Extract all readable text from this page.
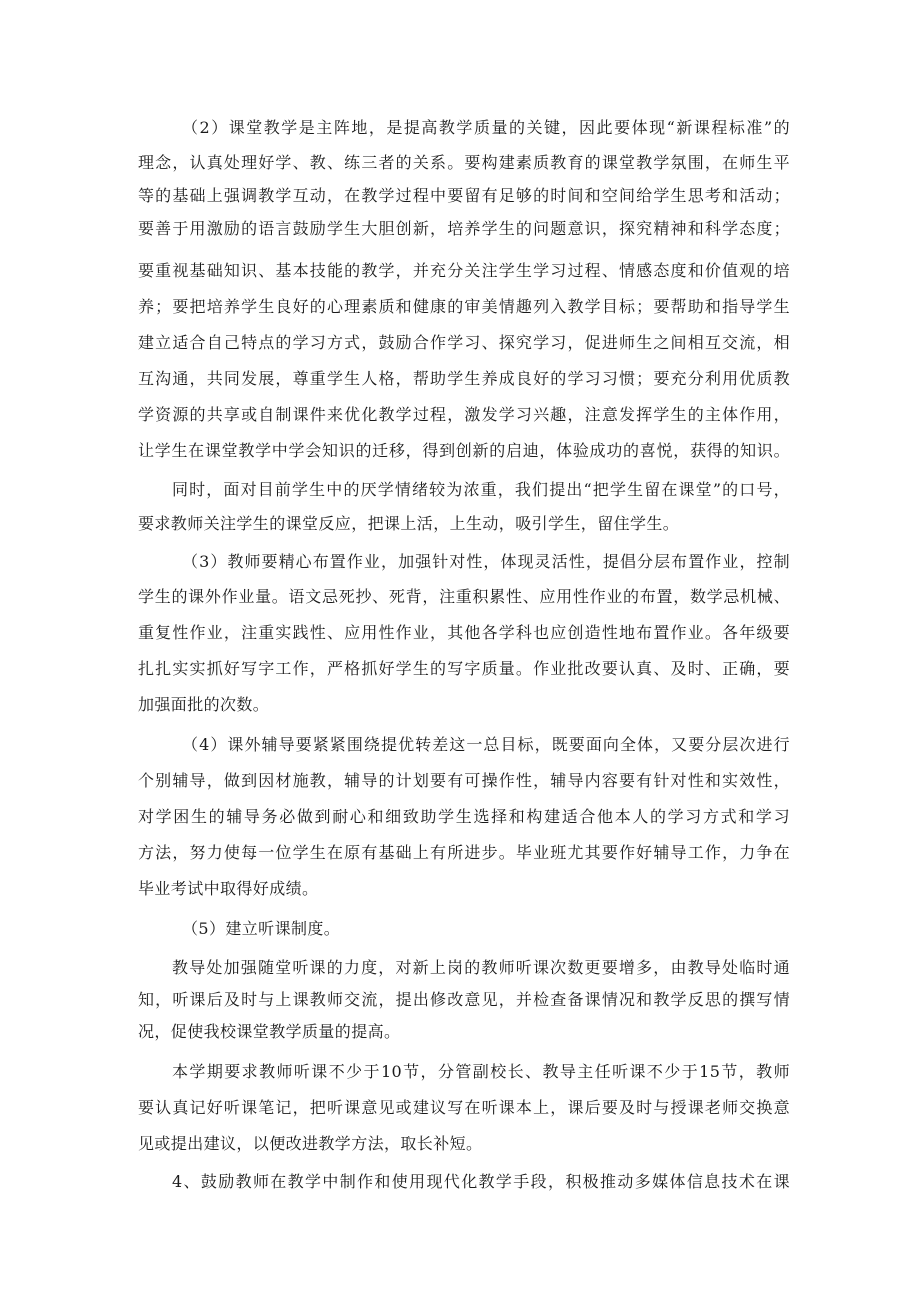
（2）课堂教学是主阵地，是提高教学质量的关键，因此要体现“新课程标准”的
理念，认真处理好学、教、练三者的关系。要构建素质教育的课堂教学氛围，在师生平
等的基础上强调教学互动，在教学过程中要留有足够的时间和空间给学生思考和活动；
要善于用激励的语言鼓励学生大胆创新，培养学生的问题意识，探究精神和科学态度；
要重视基础知识、基本技能的教学，并充分关注学生学习过程、情感态度和价值观的培
养；要把培养学生良好的心理素质和健康的审美情趣列入教学目标；要帮助和指导学生
建立适合自己特点的学习方式，鼓励合作学习、探究学习，促进师生之间相互交流，相
互沟通，共同发展，尊重学生人格，帮助学生养成良好的学习习惯；要充分利用优质教
学资源的共享或自制课件来优化教学过程，激发学习兴趣，注意发挥学生的主体作用，
让学生在课堂教学中学会知识的迁移，得到创新的启迪，体验成功的喜悦，获得的知识。
同时，面对目前学生中的厌学情绪较为浓重，我们提出“把学生留在课堂”的口号，
要求教师关注学生的课堂反应，把课上活，上生动，吸引学生，留住学生。
（3）教师要精心布置作业，加强针对性，体现灵活性，提倡分层布置作业，控制
学生的课外作业量。语文忌死抄、死背，注重积累性、应用性作业的布置，数学忌机械、
重复性作业，注重实践性、应用性作业，其他各学科也应创造性地布置作业。各年级要
扎扎实实抓好写字工作，严格抓好学生的写字质量。作业批改要认真、及时、正确，要
加强面批的次数。
（4）课外辅导要紧紧围绕提优转差这一总目标，既要面向全体，又要分层次进行
个别辅导，做到因材施教，辅导的计划要有可操作性，辅导内容要有针对性和实效性，
对学困生的辅导务必做到耐心和细致助学生选择和构建适合他本人的学习方式和学习
方法，努力使每一位学生在原有基础上有所进步。毕业班尤其要作好辅导工作，力争在
毕业考试中取得好成绩。
（5）建立听课制度。
教导处加强随堂听课的力度，对新上岗的教师听课次数更要增多，由教导处临时通
知，听课后及时与上课教师交流，提出修改意见，并检查备课情况和教学反思的撰写情
况，促使我校课堂教学质量的提高。
本学期要求教师听课不少于10节，分管副校长、教导主任听课不少于15节，教师
要认真记好听课笔记，把听课意见或建议写在听课本上，课后要及时与授课老师交换意
见或提出建议，以便改进教学方法，取长补短。
4、鼓励教师在教学中制作和使用现代化教学手段，积极推动多媒体信息技术在课
